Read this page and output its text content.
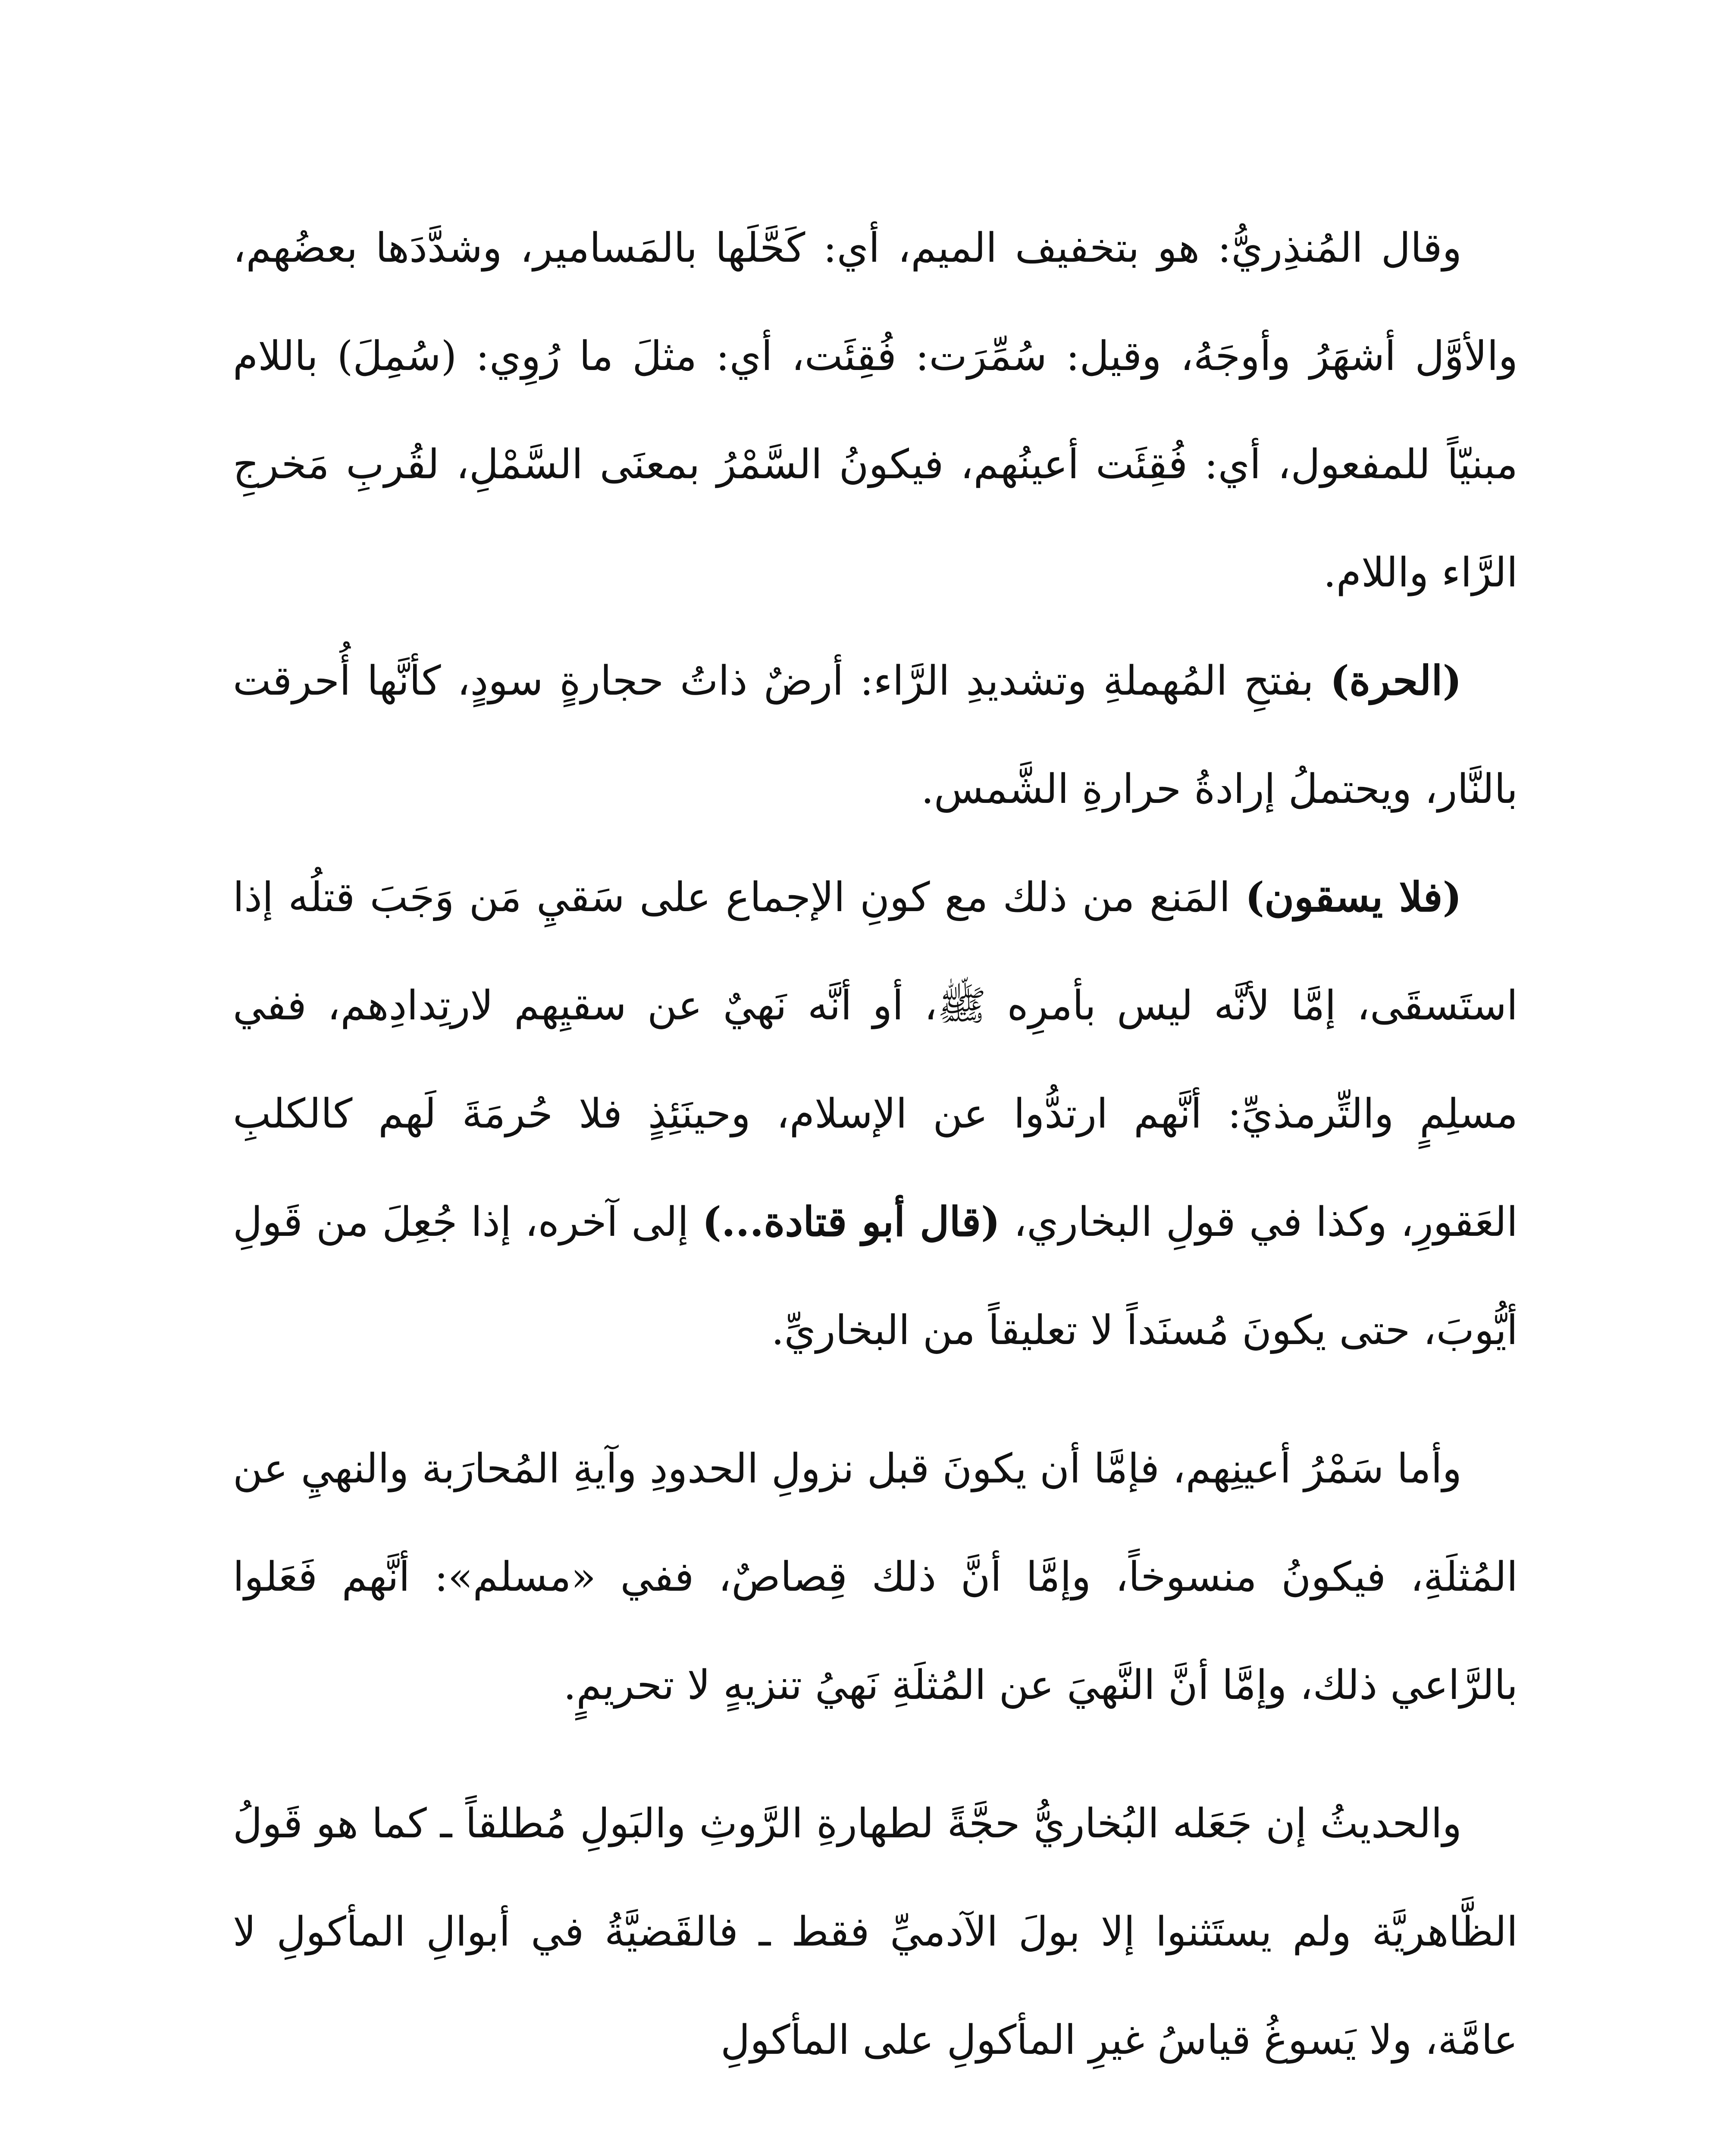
وقال المُنذِريُّ: هو بتخفيف الميم، أي: كَحَّلَها بالمَسامير، وشدَّدَها بعضُهم، والأوَّل أشهَرُ وأوجَهُ، وقيل: سُمِّرَت: فُقِئَت، أي: مثلَ ما رُوِي: (سُمِلَ) باللام مبنيّاً للمفعول، أي: فُقِئَت أعينُهم، فيكونُ السَّمْرُ بمعنَى السَّمْلِ، لقُربِ مَخرجِ الرَّاء واللام.

(الحرة) بفتحِ المُهملةِ وتشديدِ الرَّاء: أرضٌ ذاتُ حجارةٍ سودٍ، كأنَّها أُحرقت بالنَّار، ويحتملُ إرادةُ حرارةِ الشَّمس.

(فلا يسقون) المَنع من ذلك مع كونِ الإجماع على سَقيِ مَن وَجَبَ قتلُه إذا استَسقَى، إمَّا لأنَّه ليس بأمرِه ﷺ، أو أنَّه نَهيٌ عن سقيِهم لارتِدادِهم، ففي مسلِمٍ والتِّرمذيِّ: أنَّهم ارتدُّوا عن الإسلام، وحينَئِذٍ فلا حُرمَةَ لَهم كالكلبِ العَقورِ، وكذا في قولِ البخاري، (قال أبو قتادة...) إلى آخره، إذا جُعِلَ من قَولِ أيُّوبَ، حتى يكونَ مُسنَداً لا تعليقاً من البخاريِّ.

وأما سَمْرُ أعينِهم، فإمَّا أن يكونَ قبل نزولِ الحدودِ وآيةِ المُحارَبة والنهيِ عن المُثلَةِ، فيكونُ منسوخاً، وإمَّا أنَّ ذلك قِصاصٌ، ففي «مسلم»: أنَّهم فَعَلوا بالرَّاعي ذلك، وإمَّا أنَّ النَّهيَ عن المُثلَةِ نَهيُ تنزيهٍ لا تحريمٍ.

والحديثُ إن جَعَله البُخاريُّ حجَّةً لطهارةِ الرَّوثِ والبَولِ مُطلقاً ـ كما هو قَولُ الظَّاهريَّة ولم يستَثنوا إلا بولَ الآدميِّ فقط ـ فالقَضيَّةُ في أبوالِ المأكولِ لا عامَّة، ولا يَسوغُ قياسُ غيرِ المأكولِ على المأكولِ
